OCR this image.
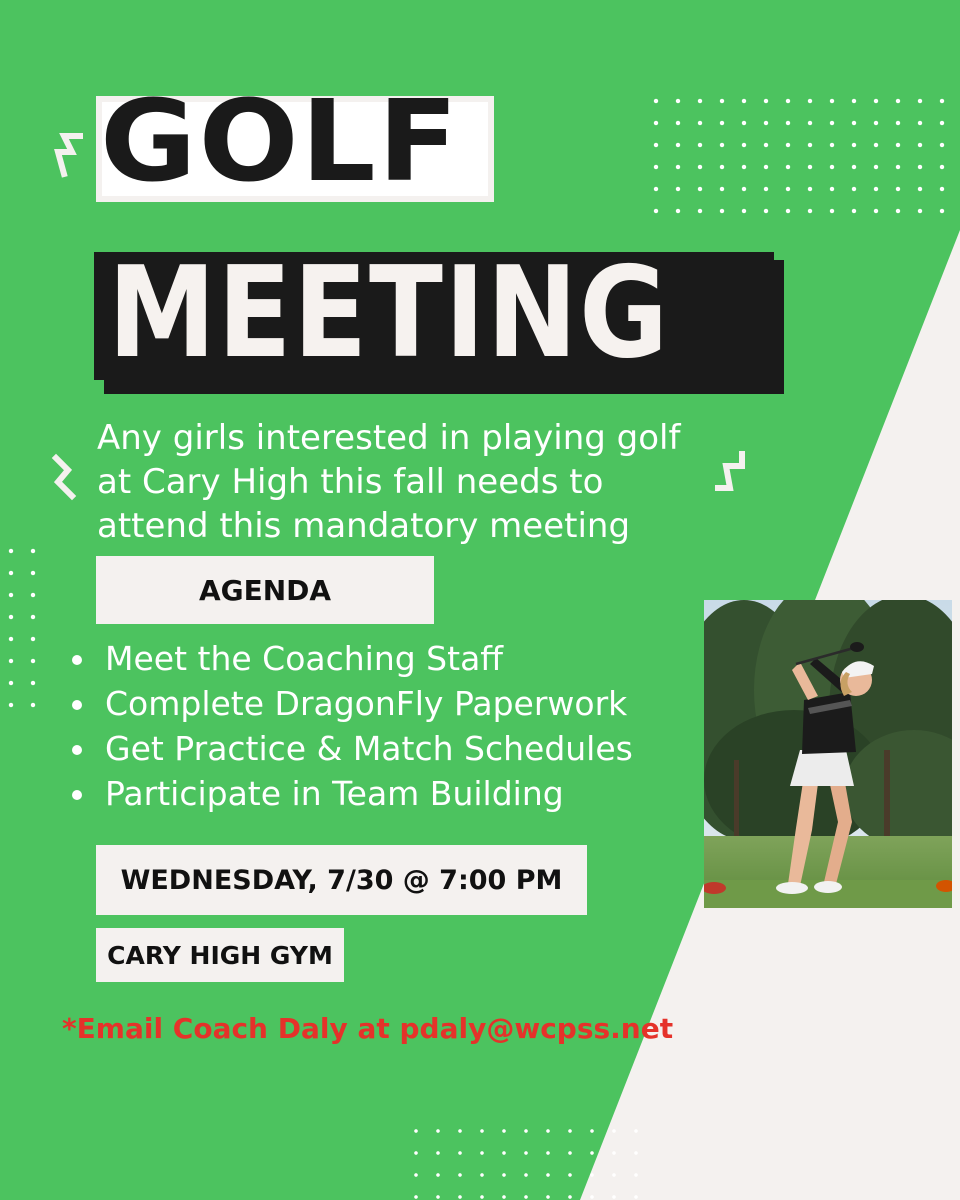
GOLF
MEETING
Any girls interested in playing golf
at Cary High this fall needs to
attend this mandatory meeting
AGENDA
Meet the Coaching Staff
Complete DragonFly Paperwork
Get Practice & Match Schedules
Participate in Team Building
WEDNESDAY, 7/30 @ 7:00 PM
CARY HIGH GYM

*Email Coach Daly at pdaly@wcpss.net
